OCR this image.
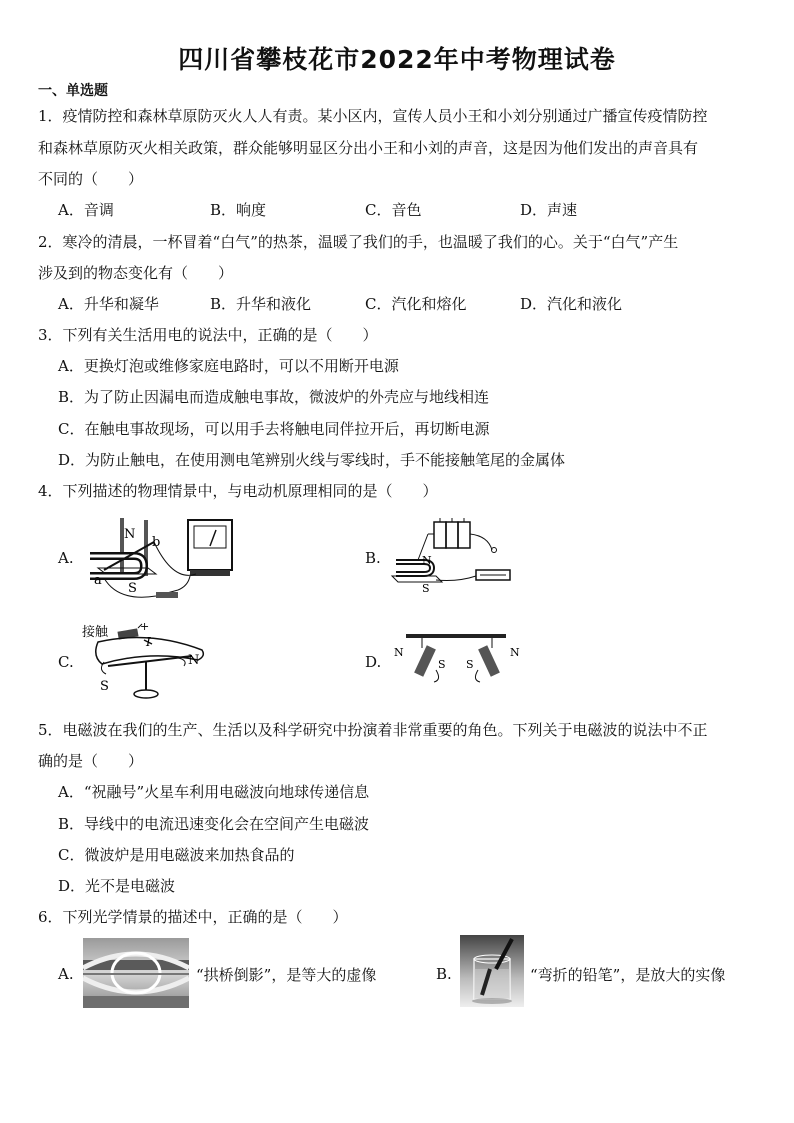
四川省攀枝花市2022年中考物理试卷
一、单选题
1．疫情防控和森林草原防灭火人人有责。某小区内，宣传人员小王和小刘分别通过广播宣传疫情防控
和森林草原防灭火相关政策，群众能够明显区分出小王和小刘的声音，这是因为他们发出的声音具有
不同的（　　）
A．音调	B．响度	C．音色	D．声速
2．寒冷的清晨，一杯冒着“白气”的热茶，温暖了我们的手，也温暖了我们的心。关于“白气”产生
涉及到的物态变化有（　　）
A．升华和凝华	B．升华和液化	C．汽化和熔化	D．汽化和液化
3．下列有关生活用电的说法中，正确的是（　　）
A．更换灯泡或维修家庭电路时，可以不用断开电源
B．为了防止因漏电而造成触电事故，微波炉的外壳应与地线相连
C．在触电事故现场，可以用手去将触电同伴拉开后，再切断电源
D．为防止触电，在使用测电笔辨别火线与零线时，手不能接触笔尾的金属体
4．下列描述的物理情景中，与电动机原理相同的是（　　）
A.	B.
C.	D.
N
S
a
b
N
S
接触
I
+
N
S
N
S S
N
5．电磁波在我们的生产、生活以及科学研究中扮演着非常重要的角色。下列关于电磁波的说法中不正
确的是（　　）
A．“祝融号”火星车利用电磁波向地球传递信息
B．导线中的电流迅速变化会在空间产生电磁波
C．微波炉是用电磁波来加热食品的
D．光不是电磁波
6．下列光学情景的描述中，正确的是（　　）
A.	“拱桥倒影”，是等大的虚像	B.	“弯折的铅笔”，是放大的实像
